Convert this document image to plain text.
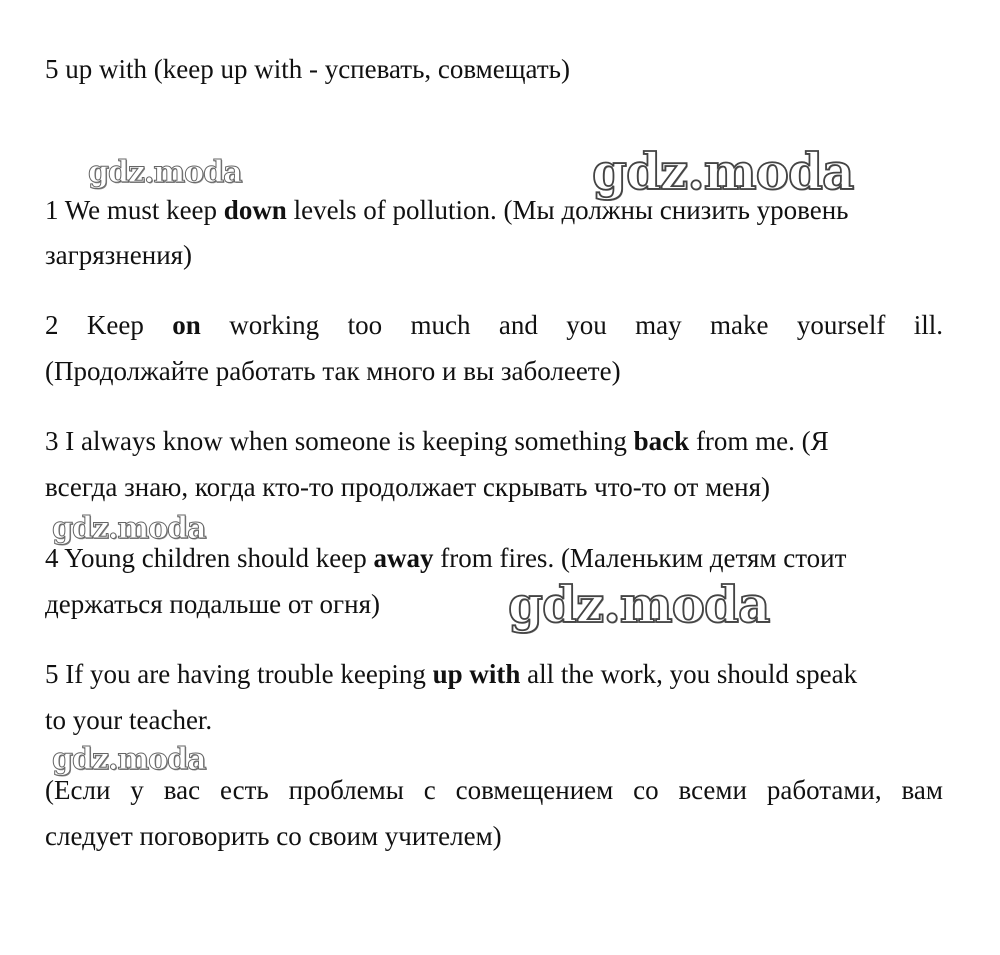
5 up with (keep up with - успевать, совмещать)
gdz.moda	gdz.moda
1 We must keep down levels of pollution. (Мы должны снизить уровень
загрязнения)
2 Keep on working too much and you may make yourself ill.
(Продолжайте работать так много и вы заболеете)
3 I always know when someone is keeping something back from me. (Я
всегда знаю, когда кто-то продолжает скрывать что-то от меня)
gdz.moda
4 Young children should keep away from fires. (Маленьким детям стоит
держаться подальше от огня)	gdz.moda
5 If you are having trouble keeping up with all the work, you should speak
to your teacher.
gdz.moda
(Если у вас есть проблемы с совмещением со всеми работами, вам
следует поговорить со своим учителем)
